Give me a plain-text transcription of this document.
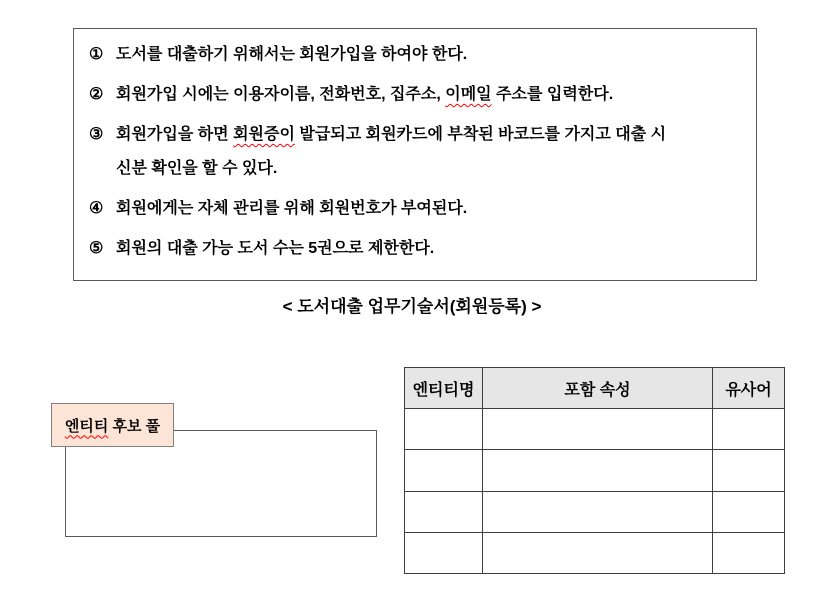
① 도서를 대출하기 위해서는 회원가입을 하여야 한다.
② 회원가입 시에는 이용자이름, 전화번호, 집주소, 이메일 주소를 입력한다.
③ 회원가입을 하면 회원증이 발급되고 회원카드에 부착된 바코드를 가지고 대출 시
신분 확인을 할 수 있다.
④ 회원에게는 자체 관리를 위해 회원번호가 부여된다.
⑤ 회원의 대출 가능 도서 수는 5권으로 제한한다.
< 도서대출 업무기술서(회원등록) >
엔티티 후보 풀
엔티티명	포함 속성	유사어
